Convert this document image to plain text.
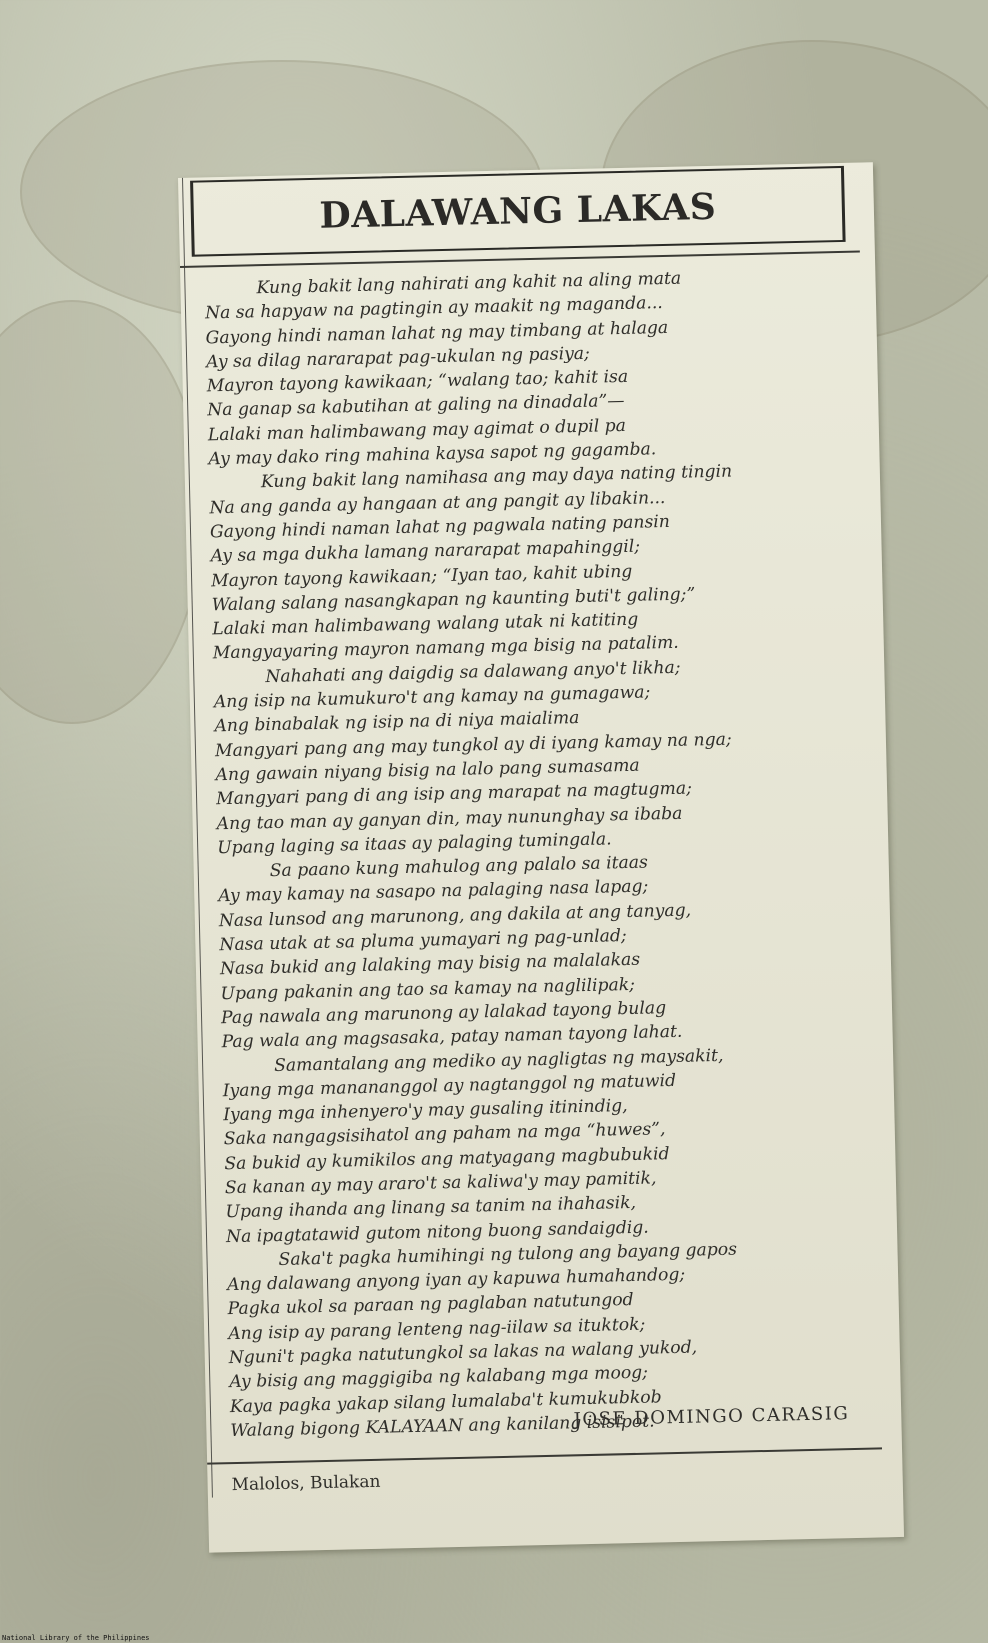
DALAWANG LAKAS
Kung bakit lang nahirati ang kahit na aling mata
Na sa hapyaw na pagtingin ay maakit ng maganda...
Gayong hindi naman lahat ng may timbang at halaga
Ay sa dilag nararapat pag-ukulan ng pasiya;
Mayron tayong kawikaan; “walang tao; kahit isa
Na ganap sa kabutihan at galing na dinadala”—
Lalaki man halimbawang may agimat o dupil pa
Ay may dako ring mahina kaysa sapot ng gagamba.
Kung bakit lang namihasa ang may daya nating tingin
Na ang ganda ay hangaan at ang pangit ay libakin...
Gayong hindi naman lahat ng pagwala nating pansin
Ay sa mga dukha lamang nararapat mapahinggil;
Mayron tayong kawikaan; “Iyan tao, kahit ubing
Walang salang nasangkapan ng kaunting buti't galing;”
Lalaki man halimbawang walang utak ni katiting
Mangyayaring mayron namang mga bisig na patalim.
Nahahati ang daigdig sa dalawang anyo't likha;
Ang isip na kumukuro't ang kamay na gumagawa;
Ang binabalak ng isip na di niya maialima
Mangyari pang ang may tungkol ay di iyang kamay na nga;
Ang gawain niyang bisig na lalo pang sumasama
Mangyari pang di ang isip ang marapat na magtugma;
Ang tao man ay ganyan din, may nununghay sa ibaba
Upang laging sa itaas ay palaging tumingala.
Sa paano kung mahulog ang palalo sa itaas
Ay may kamay na sasapo na palaging nasa lapag;
Nasa lunsod ang marunong, ang dakila at ang tanyag,
Nasa utak at sa pluma yumayari ng pag-unlad;
Nasa bukid ang lalaking may bisig na malalakas
Upang pakanin ang tao sa kamay na naglilipak;
Pag nawala ang marunong ay lalakad tayong bulag
Pag wala ang magsasaka, patay naman tayong lahat.
Samantalang ang mediko ay nagligtas ng maysakit,
Iyang mga manananggol ay nagtanggol ng matuwid
Iyang mga inhenyero'y may gusaling itinindig,
Saka nangagsisihatol ang paham na mga “huwes”,
Sa bukid ay kumikilos ang matyagang magbubukid
Sa kanan ay may araro't sa kaliwa'y may pamitik,
Upang ihanda ang linang sa tanim na ihahasik,
Na ipagtatawid gutom nitong buong sandaigdig.
Saka't pagka humihingi ng tulong ang bayang gapos
Ang dalawang anyong iyan ay kapuwa humahandog;
Pagka ukol sa paraan ng paglaban natutungod
Ang isip ay parang lenteng nag-iilaw sa ituktok;
Nguni't pagka natutungkol sa lakas na walang yukod,
Ay bisig ang maggigiba ng kalabang mga moog;
Kaya pagka yakap silang lumalaba't kumukubkob
Walang bigong KALAYAAN ang kanilang isisipot.
JOSE DOMINGO CARASIG
Malolos, Bulakan
National Library of the Philippines
